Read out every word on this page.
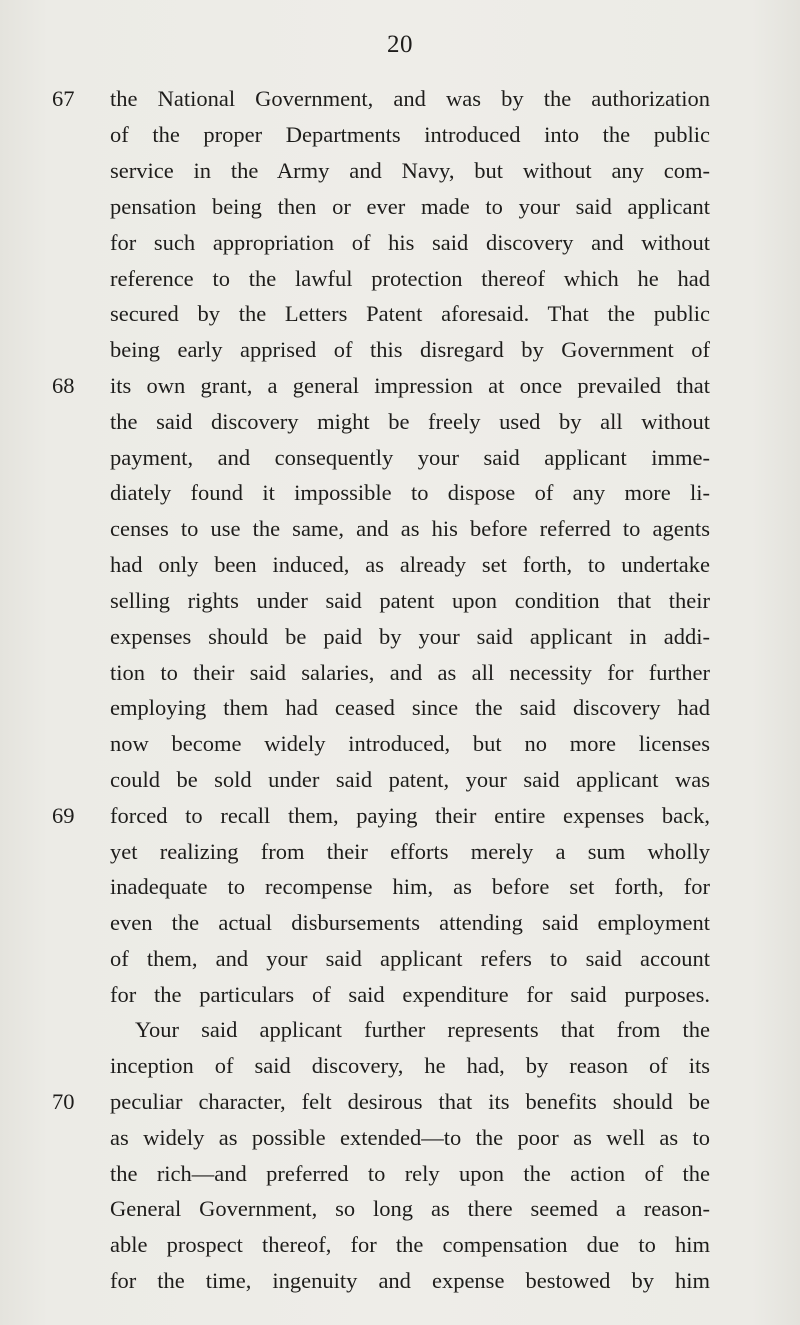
20
67
68
69
70
the National Government, and was by the authorization
of the proper Departments introduced into the public
service in the Army and Navy, but without any com-
pensation being then or ever made to your said applicant
for such appropriation of his said discovery and without
reference to the lawful protection thereof which he had
secured by the Letters Patent aforesaid. That the public
being early apprised of this disregard by Government of
its own grant, a general impression at once prevailed that
the said discovery might be freely used by all without
payment, and consequently your said applicant imme-
diately found it impossible to dispose of any more li-
censes to use the same, and as his before referred to agents
had only been induced, as already set forth, to undertake
selling rights under said patent upon condition that their
expenses should be paid by your said applicant in addi-
tion to their said salaries, and as all necessity for further
employing them had ceased since the said discovery had
now become widely introduced, but no more licenses
could be sold under said patent, your said applicant was
forced to recall them, paying their entire expenses back,
yet realizing from their efforts merely a sum wholly
inadequate to recompense him, as before set forth, for
even the actual disbursements attending said employment
of them, and your said applicant refers to said account
for the particulars of said expenditure for said purposes.
Your said applicant further represents that from the
inception of said discovery, he had, by reason of its
peculiar character, felt desirous that its benefits should be
as widely as possible extended—to the poor as well as to
the rich—and preferred to rely upon the action of the
General Government, so long as there seemed a reason-
able prospect thereof, for the compensation due to him
for the time, ingenuity and expense bestowed by him
